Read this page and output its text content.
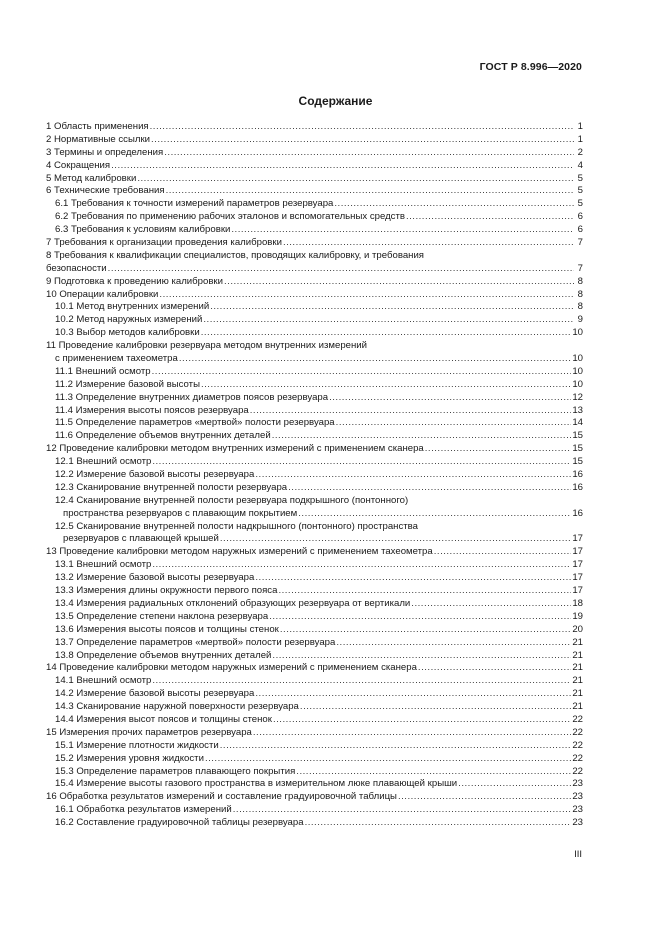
ГОСТ Р 8.996—2020
Содержание
1 Область применения .....	1
2 Нормативные ссылки .....	1
3 Термины и определения .....	2
4 Сокращения .....	4
5 Метод калибровки .....	5
6 Технические требования .....	5
6.1 Требования к точности измерений параметров резервуара .....	5
6.2 Требования по применению рабочих эталонов и вспомогательных средств .....	6
6.3 Требования к условиям калибровки .....	6
7 Требования к организации проведения калибровки .....	7
8 Требования к квалификации специалистов, проводящих калибровку, и требования
безопасности .....	7
9 Подготовка к проведению калибровки .....	8
10 Операции калибровки .....	8
10.1 Метод внутренних измерений .....	8
10.2 Метод наружных измерений .....	9
10.3 Выбор методов калибровки .....	10
11 Проведение калибровки резервуара методом внутренних измерений
с применением тахеометра .....	10
11.1 Внешний осмотр .....	10
11.2 Измерение базовой высоты .....	10
11.3 Определение внутренних диаметров поясов резервуара .....	12
11.4 Измерения высоты поясов резервуара .....	13
11.5 Определение параметров «мертвой» полости резервуара .....	14
11.6 Определение объемов внутренних деталей .....	15
12 Проведение калибровки методом внутренних измерений с применением сканера .....	15
12.1 Внешний осмотр .....	15
12.2 Измерение базовой высоты резервуара .....	16
12.3 Сканирование внутренней полости резервуара .....	16
12.4 Сканирование внутренней полости резервуара подкрышного (понтонного)
пространства резервуаров с плавающим покрытием .....	16
12.5 Сканирование внутренней полости надкрышного (понтонного) пространства
резервуаров с плавающей крышей .....	17
13 Проведение калибровки методом наружных измерений с применением тахеометра .....	17
13.1 Внешний осмотр .....	17
13.2 Измерение базовой высоты резервуара .....	17
13.3 Измерения длины окружности первого пояса .....	17
13.4 Измерения радиальных отклонений образующих резервуара от вертикали .....	18
13.5 Определение степени наклона резервуара .....	19
13.6 Измерения высоты поясов и толщины стенок .....	20
13.7 Определение параметров «мертвой» полости резервуара .....	21
13.8 Определение объемов внутренних деталей .....	21
14 Проведение калибровки методом наружных измерений с применением сканера .....	21
14.1 Внешний осмотр .....	21
14.2 Измерение базовой высоты резервуара .....	21
14.3 Сканирование наружной поверхности резервуара .....	21
14.4 Измерения высот поясов и толщины стенок .....	22
15 Измерения прочих параметров резервуара .....	22
15.1 Измерение плотности жидкости .....	22
15.2 Измерения уровня жидкости .....	22
15.3 Определение параметров плавающего покрытия .....	22
15.4 Измерение высоты газового пространства в измерительном люке плавающей крыши .....	23
16 Обработка результатов измерений и составление градуировочной таблицы .....	23
16.1 Обработка результатов измерений .....	23
16.2 Составление градуировочной таблицы резервуара .....	23
III
